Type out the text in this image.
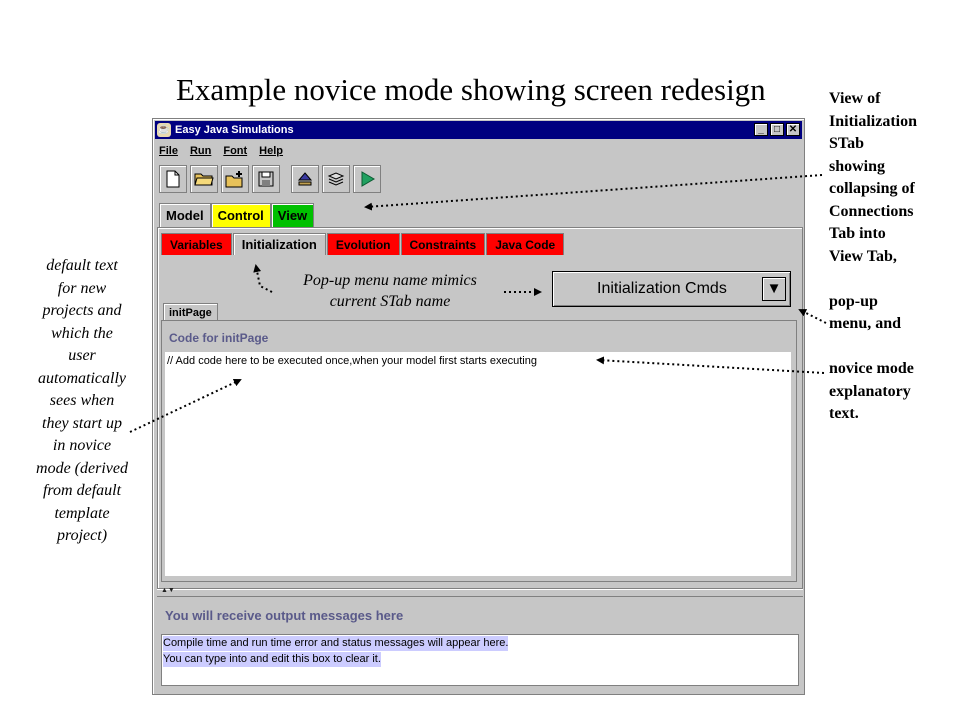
Example novice mode showing screen redesign	View of
Initialization
STab
showing
collapsing of
Connections
Tab into
View Tab,

pop-up
menu, and

novice mode
explanatory
text.
default text
for new
projects and
which the
user
automatically
sees when
they start up
in novice
mode (derived
from default
template
project)
☕ Easy Java Simulations	_	□ ✕
File Run Font Help
Model	Control	View
Variables	Initialization	Evolution	Constraints	Java Code
Initialization Cmds	▼
initPage
Code for initPage
// Add code here to be executed once,when your model first starts executing
▲▼
You will receive output messages here
Compile time and run time error and status messages will appear here.
You can type into and edit this box to clear it.
Pop-up menu name mimics
current STab name
